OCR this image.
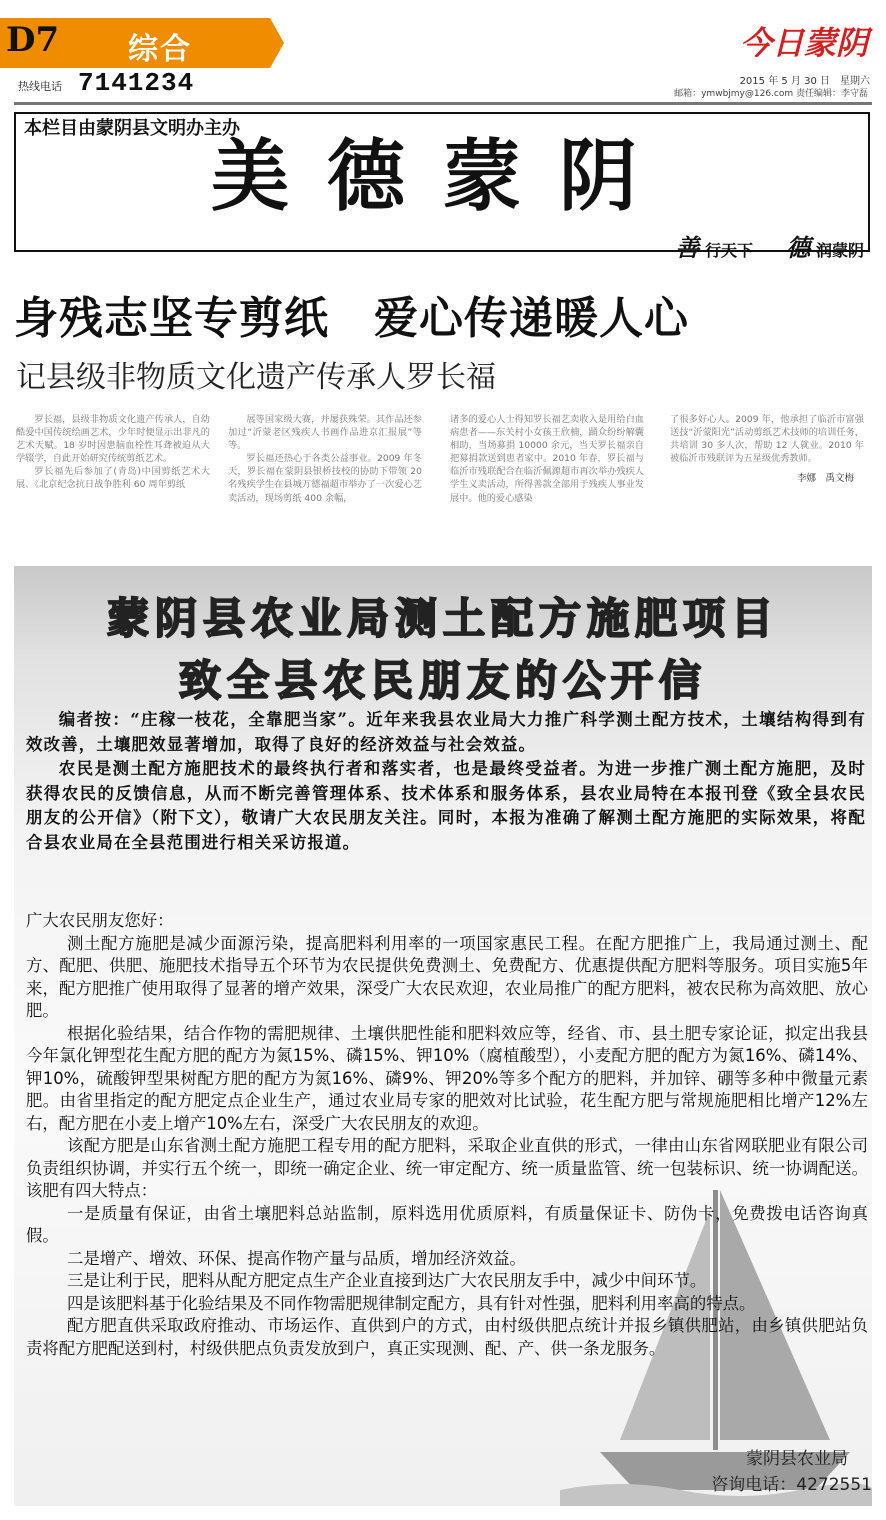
D7 综合
热线电话 7141234
今日蒙阴
2015 年 5 月 30 日　星期六
邮箱：ymwbjmy@126.com 责任编辑：李守磊
本栏目由蒙阴县文明办主办
美德蒙阴
善 行天下 德 润蒙阴
身残志坚专剪纸　爱心传递暖人心
记县级非物质文化遗产传承人罗长福

罗长福，县级非物质文化遗产传承人，自幼酷爱中国传统绘画艺术，少年时便显示出非凡的艺术天赋。18 岁时因患脑血栓性耳聋被迫从大学辍学，自此开始研究传统剪纸艺术。

罗长福先后参加了(青岛)中国剪纸艺术大展、《北京纪念抗日战争胜利 60 周年剪纸

展等国家级大赛，并屡获殊荣。其作品还参加过“沂蒙老区残疾人书画作品进京汇报展”等等。

罗长福还热心于各类公益事业。2009 年冬天，罗长福在蒙阴县银桥技校的协助下带领 20 名残疾学生在县城万德福超市举办了一次爱心艺卖活动，现场剪纸 400 余幅，

诸多的爱心人士得知罗长福艺卖收入是用给白血病患者——东关村小女孩王欣楠，踊众纷纷解囊相助，当场募捐 10000 余元，当天罗长福亲自把募捐款送到患者家中。2010 年春，罗长福与临沂市残联配合在临沂佩源超市再次举办残疾人学生义卖活动，所得善款全部用于残疾人事业发展中。他的爱心感染

了很多好心人。2009 年，他承担了临沂市富强送技“沂蒙阳光”活动剪纸艺术技师的培训任务，共培训 30 多人次，帮助 12 人就业。2010 年被临沂市残联评为五星级优秀教师。

李娜　禹文梅
蒙阴县农业局测土配方施肥项目
致全县农民朋友的公开信

编者按：“庄稼一枝花，全靠肥当家”。近年来我县农业局大力推广科学测土配方技术，土壤结构得到有效改善，土壤肥效显著增加，取得了良好的经济效益与社会效益。

农民是测土配方施肥技术的最终执行者和落实者，也是最终受益者。为进一步推广测土配方施肥，及时获得农民的反馈信息，从而不断完善管理体系、技术体系和服务体系，县农业局特在本报刊登《致全县农民朋友的公开信》（附下文），敬请广大农民朋友关注。同时，本报为准确了解测土配方施肥的实际效果，将配合县农业局在全县范围进行相关采访报道。

广大农民朋友您好：

测土配方施肥是减少面源污染，提高肥料利用率的一项国家惠民工程。在配方肥推广上，我局通过测土、配方、配肥、供肥、施肥技术指导五个环节为农民提供免费测土、免费配方、优惠提供配方肥料等服务。项目实施5年来，配方肥推广使用取得了显著的增产效果，深受广大农民欢迎，农业局推广的配方肥料，被农民称为高效肥、放心肥。

根据化验结果，结合作物的需肥规律、土壤供肥性能和肥料效应等，经省、市、县土肥专家论证，拟定出我县今年氯化钾型花生配方肥的配方为氮15%、磷15%、钾10%（腐植酸型），小麦配方肥的配方为氮16%、磷14%、钾10%，硫酸钾型果树配方肥的配方为氮16%、磷9%、钾20%等多个配方的肥料，并加锌、硼等多种中微量元素肥。由省里指定的配方肥定点企业生产，通过农业局专家的肥效对比试验，花生配方肥与常规施肥相比增产12%左右，配方肥在小麦上增产10%左右，深受广大农民朋友的欢迎。

该配方肥是山东省测土配方施肥工程专用的配方肥料，采取企业直供的形式，一律由山东省网联肥业有限公司负责组织协调，并实行五个统一，即统一确定企业、统一审定配方、统一质量监管、统一包装标识、统一协调配送。该肥有四大特点：

一是质量有保证，由省土壤肥料总站监制，原料选用优质原料，有质量保证卡、防伪卡，免费拨电话咨询真假。

二是增产、增效、环保、提高作物产量与品质，增加经济效益。

三是让利于民，肥料从配方肥定点生产企业直接到达广大农民朋友手中，减少中间环节。

四是该肥料基于化验结果及不同作物需肥规律制定配方，具有针对性强，肥料利用率高的特点。

配方肥直供采取政府推动、市场运作、直供到户的方式，由村级供肥点统计并报乡镇供肥站，由乡镇供肥站负责将配方肥配送到村，村级供肥点负责发放到户，真正实现测、配、产、供一条龙服务。

蒙阴县农业局
咨询电话：4272551
